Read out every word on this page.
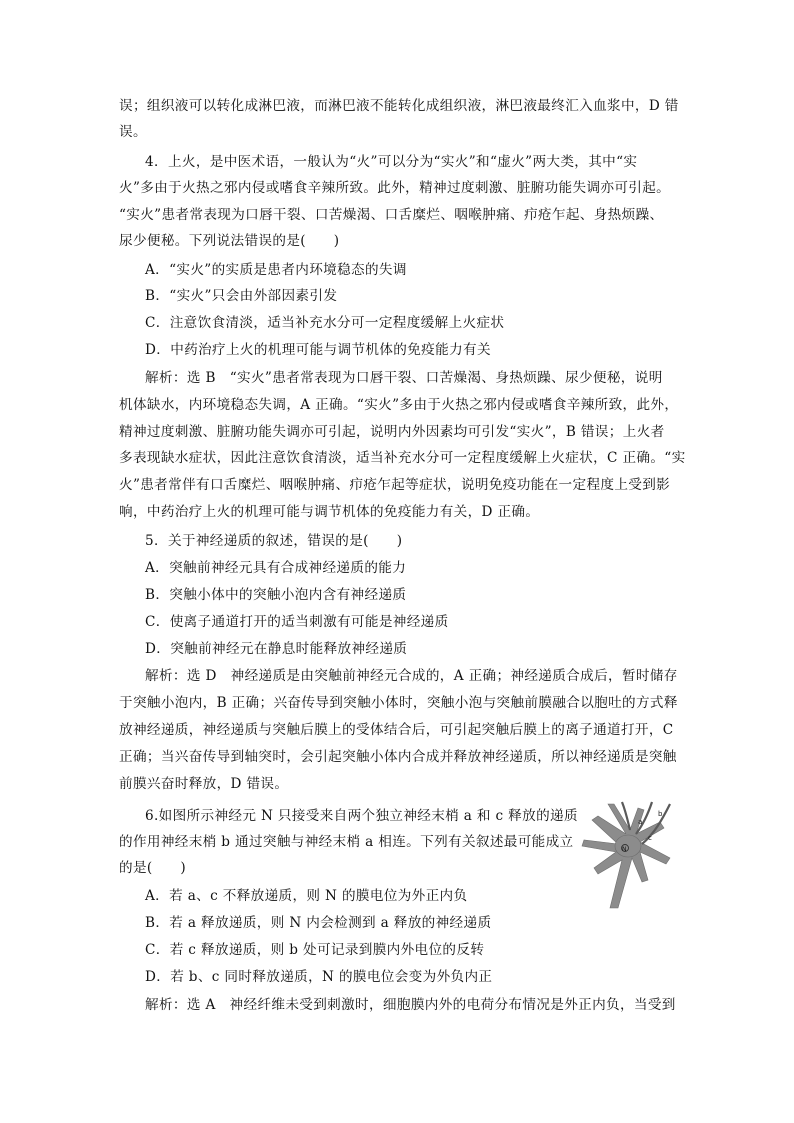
误；组织液可以转化成淋巴液，而淋巴液不能转化成组织液，淋巴液最终汇入血浆中，D 错
误。
4．上火，是中医术语，一般认为“火”可以分为“实火”和“虚火”两大类，其中“实
火”多由于火热之邪内侵或嗜食辛辣所致。此外，精神过度刺激、脏腑功能失调亦可引起。
“实火”患者常表现为口唇干裂、口苦燥渴、口舌糜烂、咽喉肿痛、疖疮乍起、身热烦躁、
尿少便秘。下列说法错误的是(　　)
A．“实火”的实质是患者内环境稳态的失调
B．“实火”只会由外部因素引发
C．注意饮食清淡，适当补充水分可一定程度缓解上火症状
D．中药治疗上火的机理可能与调节机体的免疫能力有关
解析：选 B　“实火”患者常表现为口唇干裂、口苦燥渴、身热烦躁、尿少便秘，说明
机体缺水，内环境稳态失调，A 正确。“实火”多由于火热之邪内侵或嗜食辛辣所致，此外，
精神过度刺激、脏腑功能失调亦可引起，说明内外因素均可引发“实火”，B 错误；上火者
多表现缺水症状，因此注意饮食清淡，适当补充水分可一定程度缓解上火症状，C 正确。“实
火”患者常伴有口舌糜烂、咽喉肿痛、疖疮乍起等症状，说明免疫功能在一定程度上受到影
响，中药治疗上火的机理可能与调节机体的免疫能力有关，D 正确。
5．关于神经递质的叙述，错误的是(　　)
A．突触前神经元具有合成神经递质的能力
B．突触小体中的突触小泡内含有神经递质
C．使离子通道打开的适当刺激有可能是神经递质
D．突触前神经元在静息时能释放神经递质
解析：选 D　神经递质是由突触前神经元合成的，A 正确；神经递质合成后，暂时储存
于突触小泡内，B 正确；兴奋传导到突触小体时，突触小泡与突触前膜融合以胞吐的方式释
放神经递质，神经递质与突触后膜上的受体结合后，可引起突触后膜上的离子通道打开，C
正确；当兴奋传导到轴突时，会引起突触小体内合成并释放神经递质，所以神经递质是突触
前膜兴奋时释放，D 错误。
6.如图所示神经元 N 只接受来自两个独立神经末梢 a 和 c 释放的递质
的作用神经末梢 b 通过突触与神经末梢 a 相连。下列有关叙述最可能成立
的是(　　)
A．若 a、c 不释放递质，则 N 的膜电位为外正内负
B．若 a 释放递质，则 N 内会检测到 a 释放的神经递质
C．若 c 释放递质，则 b 处可记录到膜内外电位的反转
D．若 b、c 同时释放递质，N 的膜电位会变为外负内正
解析：选 A　神经纤维未受到刺激时，细胞膜内外的电荷分布情况是外正内负，当受到
a
b
c
N
